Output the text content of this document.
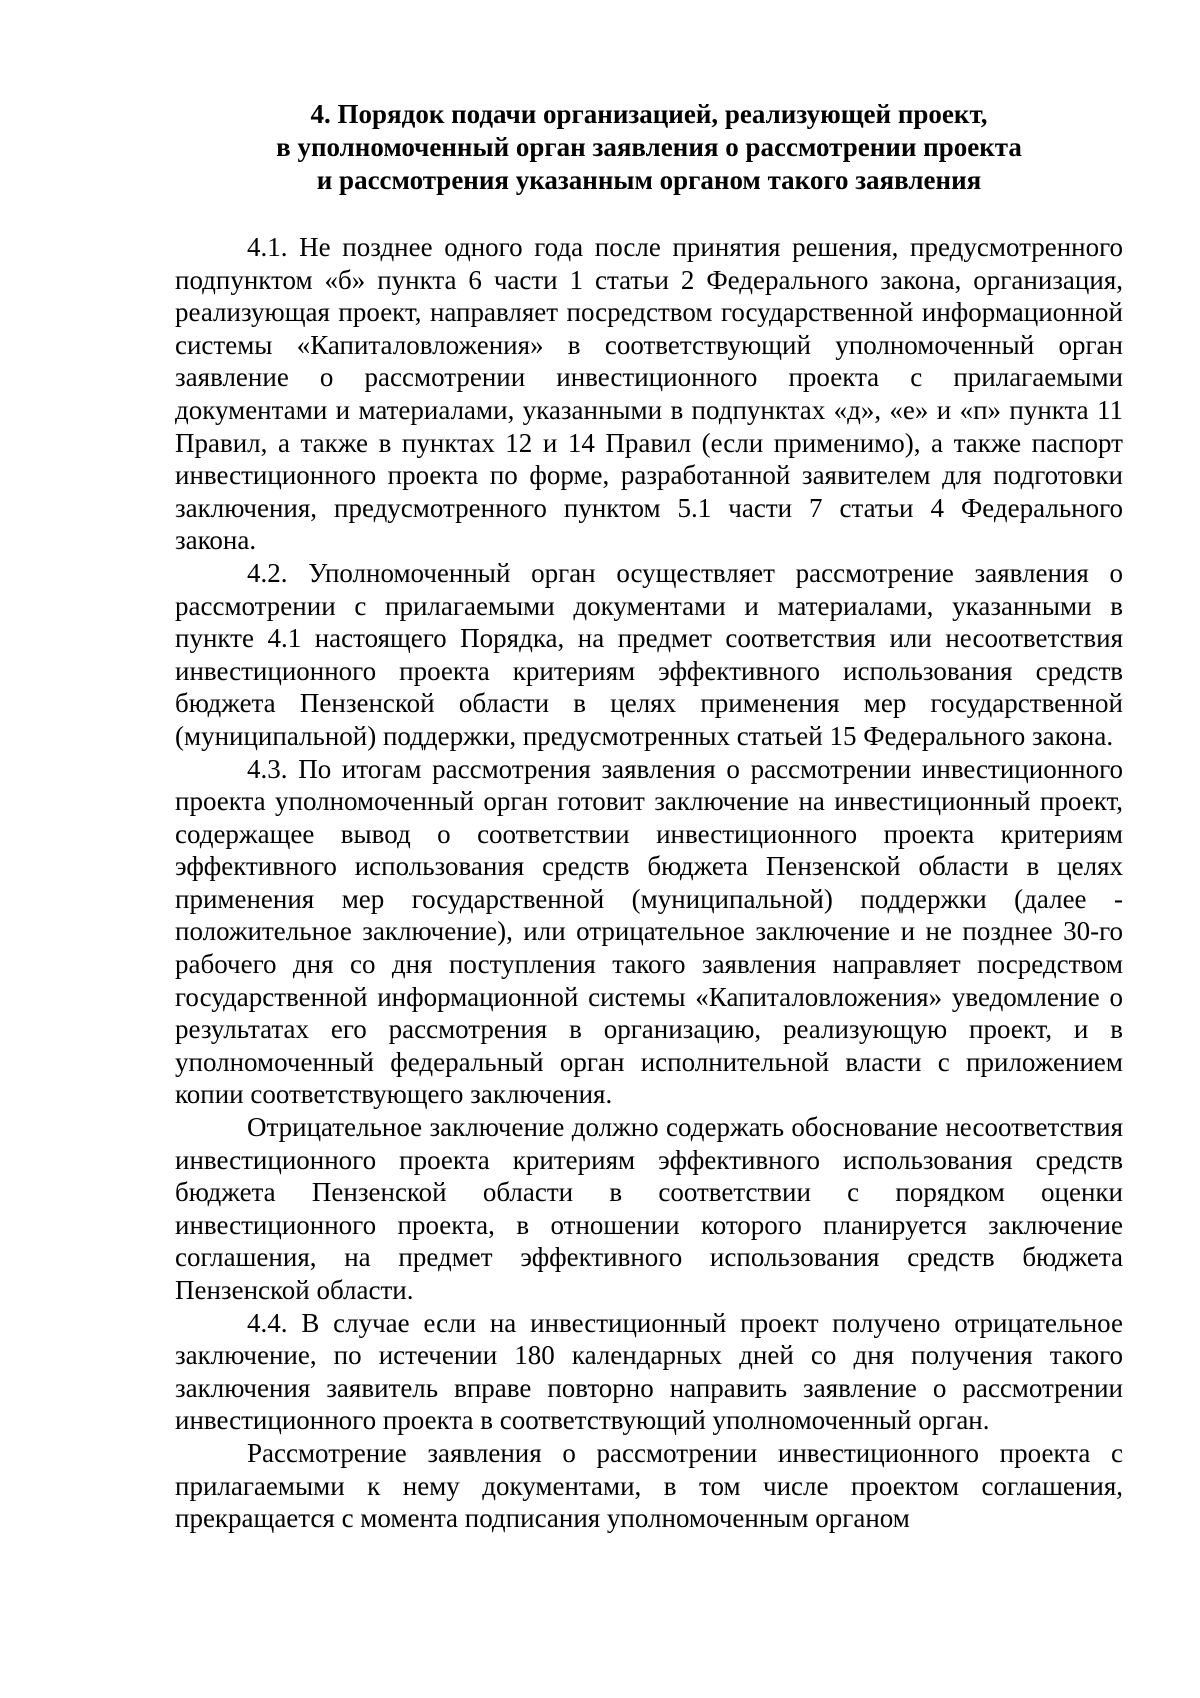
4. Порядок подачи организацией, реализующей проект,
в уполномоченный орган заявления о рассмотрении проекта
и рассмотрения указанным органом такого заявления

4.1. Не позднее одного года после принятия решения, предусмотренного подпунктом «б» пункта 6 части 1 статьи 2 Федерального закона, организация, реализующая проект, направляет посредством государственной информационной системы «Капиталовложения» в соответствующий уполномоченный орган заявление о рассмотрении инвестиционного проекта с прилагаемыми документами и материалами, указанными в подпунктах «д», «е» и «п» пункта 11 Правил, а также в пунктах 12 и 14 Правил (если применимо), а также паспорт инвестиционного проекта по форме, разработанной заявителем для подготовки заключения, предусмотренного пунктом 5.1 части 7 статьи 4 Федерального закона.

4.2. Уполномоченный орган осуществляет рассмотрение заявления о рассмотрении с прилагаемыми документами и материалами, указанными в пункте 4.1 настоящего Порядка, на предмет соответствия или несоответствия инвестиционного проекта критериям эффективного использования средств бюджета Пензенской области в целях применения мер государственной (муниципальной) поддержки, предусмотренных статьей 15 Федерального закона.

4.3. По итогам рассмотрения заявления о рассмотрении инвестиционного проекта уполномоченный орган готовит заключение на инвестиционный проект, содержащее вывод о соответствии инвестиционного проекта критериям эффективного использования средств бюджета Пензенской области в целях применения мер государственной (муниципальной) поддержки (далее - положительное заключение), или отрицательное заключение и не позднее 30-го рабочего дня со дня поступления такого заявления направляет посредством государственной информационной системы «Капиталовложения» уведомление о результатах его рассмотрения в организацию, реализующую проект, и в уполномоченный федеральный орган исполнительной власти с приложением копии соответствующего заключения.

Отрицательное заключение должно содержать обоснование несоответствия инвестиционного проекта критериям эффективного использования средств бюджета Пензенской области в соответствии с порядком оценки инвестиционного проекта, в отношении которого планируется заключение соглашения, на предмет эффективного использования средств бюджета Пензенской области.

4.4. В случае если на инвестиционный проект получено отрицательное заключение, по истечении 180 календарных дней со дня получения такого заключения заявитель вправе повторно направить заявление о рассмотрении инвестиционного проекта в соответствующий уполномоченный орган.

Рассмотрение заявления о рассмотрении инвестиционного проекта с прилагаемыми к нему документами, в том числе проектом соглашения, прекращается с момента подписания уполномоченным органом
